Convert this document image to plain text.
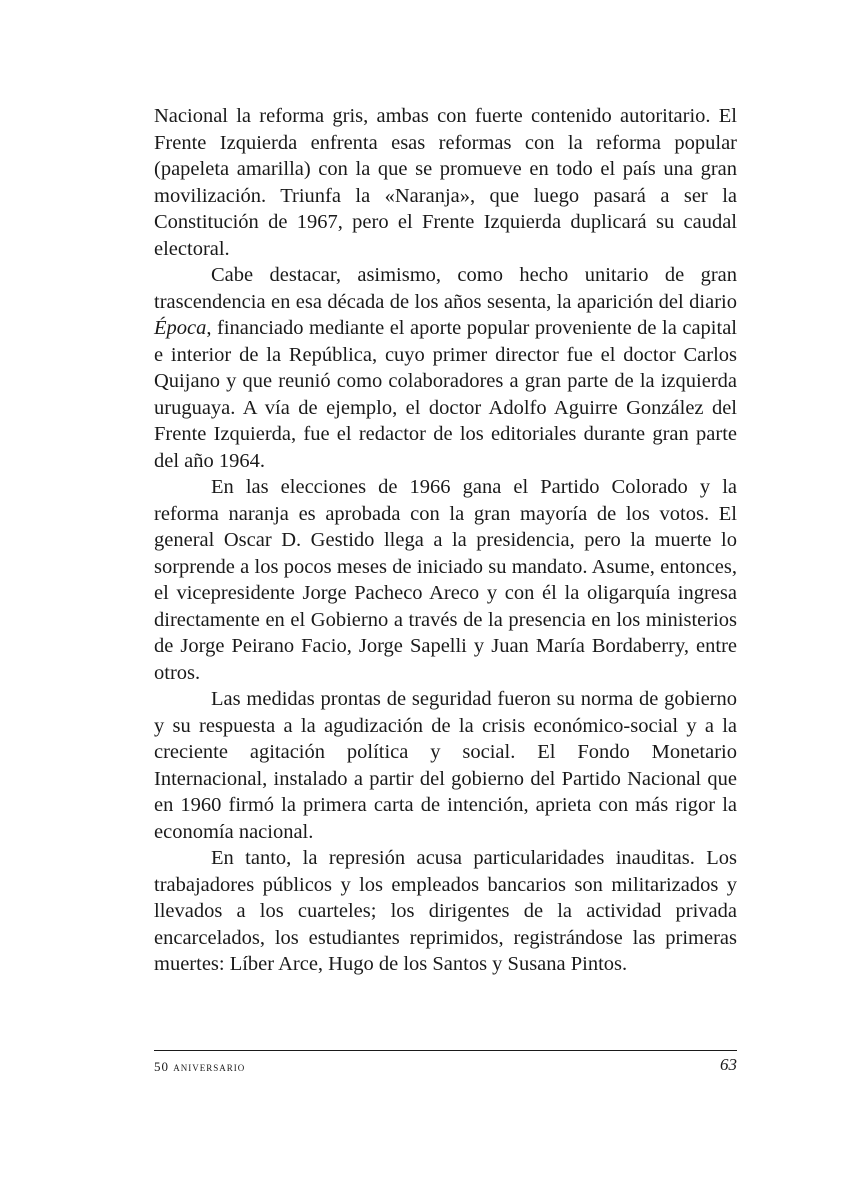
Nacional la reforma gris, ambas con fuerte contenido autoritario. El Frente Izquierda enfrenta esas reformas con la reforma popular (papeleta amarilla) con la que se promueve en todo el país una gran movilización. Triunfa la «Naranja», que luego pasará a ser la Constitución de 1967, pero el Frente Izquierda duplicará su caudal electoral.

Cabe destacar, asimismo, como hecho unitario de gran trascendencia en esa década de los años sesenta, la aparición del diario Época, financiado mediante el aporte popular proveniente de la capital e interior de la República, cuyo primer director fue el doctor Carlos Quijano y que reunió como colaboradores a gran parte de la izquierda uruguaya. A vía de ejemplo, el doctor Adolfo Aguirre González del Frente Izquierda, fue el redactor de los editoriales durante gran parte del año 1964.

En las elecciones de 1966 gana el Partido Colorado y la reforma naranja es aprobada con la gran mayoría de los votos. El general Oscar D. Gestido llega a la presidencia, pero la muerte lo sorprende a los pocos meses de iniciado su mandato. Asume, entonces, el vicepresidente Jorge Pacheco Areco y con él la oligarquía ingresa directamente en el Gobierno a través de la presencia en los ministerios de Jorge Peirano Facio, Jorge Sapelli y Juan María Bordaberry, entre otros.

Las medidas prontas de seguridad fueron su norma de gobierno y su respuesta a la agudización de la crisis económico-social y a la creciente agitación política y social. El Fondo Monetario Internacional, instalado a partir del gobierno del Partido Nacional que en 1960 firmó la primera carta de intención, aprieta con más rigor la economía nacional.

En tanto, la represión acusa particularidades inauditas. Los trabajadores públicos y los empleados bancarios son militarizados y llevados a los cuarteles; los dirigentes de la actividad privada encarcelados, los estudiantes reprimidos, registrándose las primeras muertes: Líber Arce, Hugo de los Santos y Susana Pintos.

50 aniversario	63
